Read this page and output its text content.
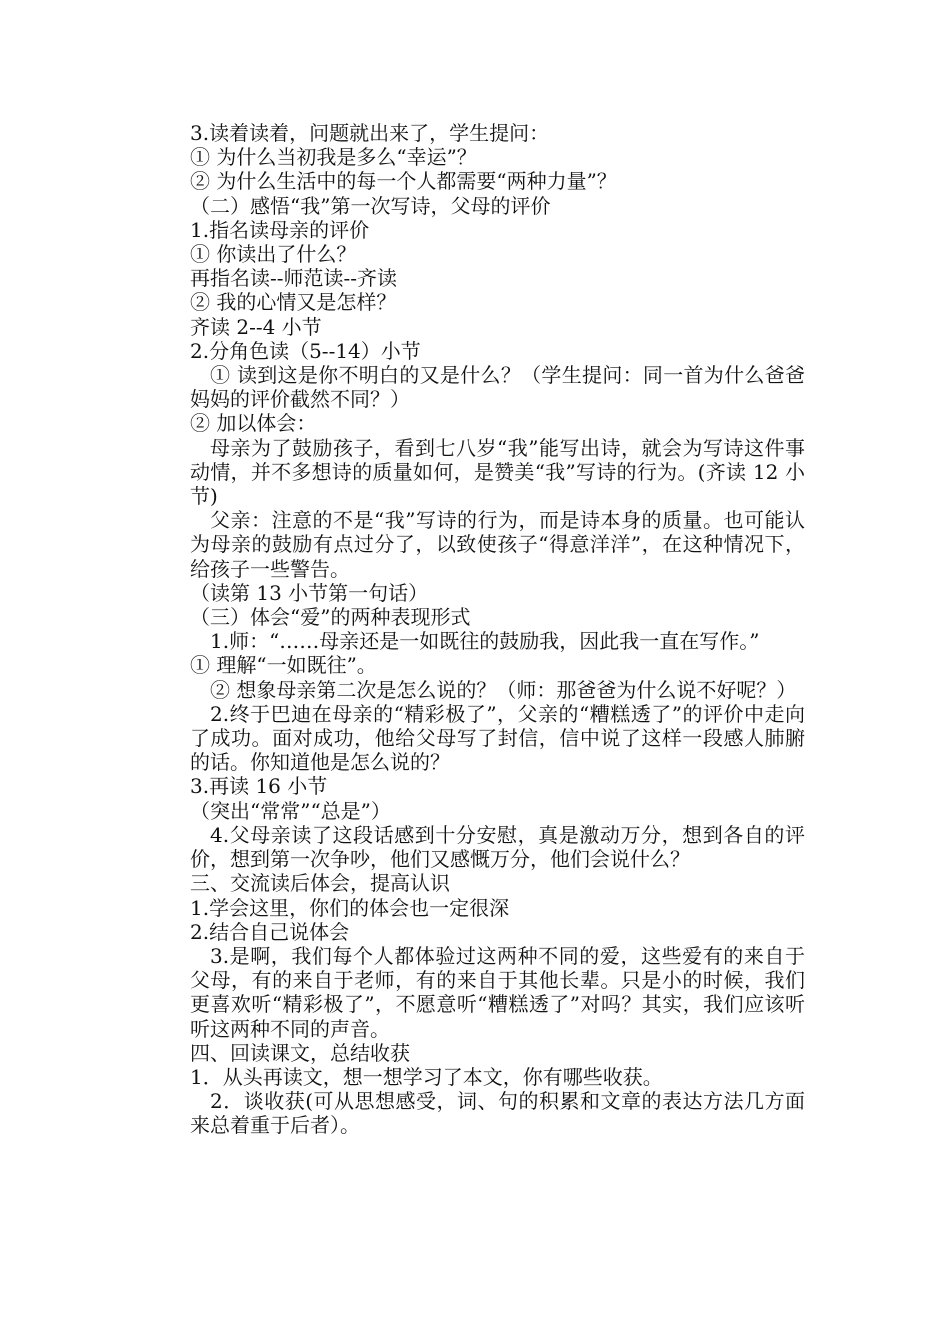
3.读着读着，问题就出来了，学生提问：

① 为什么当初我是多么“幸运”？

② 为什么生活中的每一个人都需要“两种力量”？

（二）感悟“我”第一次写诗，父母的评价

1.指名读母亲的评价

① 你读出了什么？

再指名读--师范读--齐读

② 我的心情又是怎样？

齐读 2--4 小节

2.分角色读（5--14）小节

① 读到这是你不明白的又是什么？（学生提问：同一首为什么爸爸妈妈的评价截然不同？）

② 加以体会：

母亲为了鼓励孩子，看到七八岁“我”能写出诗，就会为写诗这件事动情，并不多想诗的质量如何，是赞美“我”写诗的行为。(齐读 12 小节)

父亲：注意的不是“我”写诗的行为，而是诗本身的质量。也可能认为母亲的鼓励有点过分了，以致使孩子“得意洋洋”，在这种情况下，给孩子一些警告。

（读第 13 小节第一句话）

（三）体会“爱”的两种表现形式

1.师：“……母亲还是一如既往的鼓励我，因此我一直在写作。”

① 理解“一如既往”。

② 想象母亲第二次是怎么说的？（师：那爸爸为什么说不好呢？）

2.终于巴迪在母亲的“精彩极了”，父亲的“糟糕透了”的评价中走向了成功。面对成功，他给父母写了封信，信中说了这样一段感人肺腑的话。你知道他是怎么说的？

3.再读 16 小节

（突出“常常”“总是”）

4.父母亲读了这段话感到十分安慰，真是激动万分，想到各自的评价，想到第一次争吵，他们又感慨万分，他们会说什么？

三、交流读后体会，提高认识

1.学会这里，你们的体会也一定很深

2.结合自己说体会

3.是啊，我们每个人都体验过这两种不同的爱，这些爱有的来自于父母，有的来自于老师，有的来自于其他长辈。只是小的时候，我们更喜欢听“精彩极了”，不愿意听“糟糕透了”对吗？其实，我们应该听听这两种不同的声音。

四、回读课文，总结收获

1．从头再读文，想一想学习了本文，你有哪些收获。

2．谈收获(可从思想感受，词、句的积累和文章的表达方法几方面来总着重于后者）。
